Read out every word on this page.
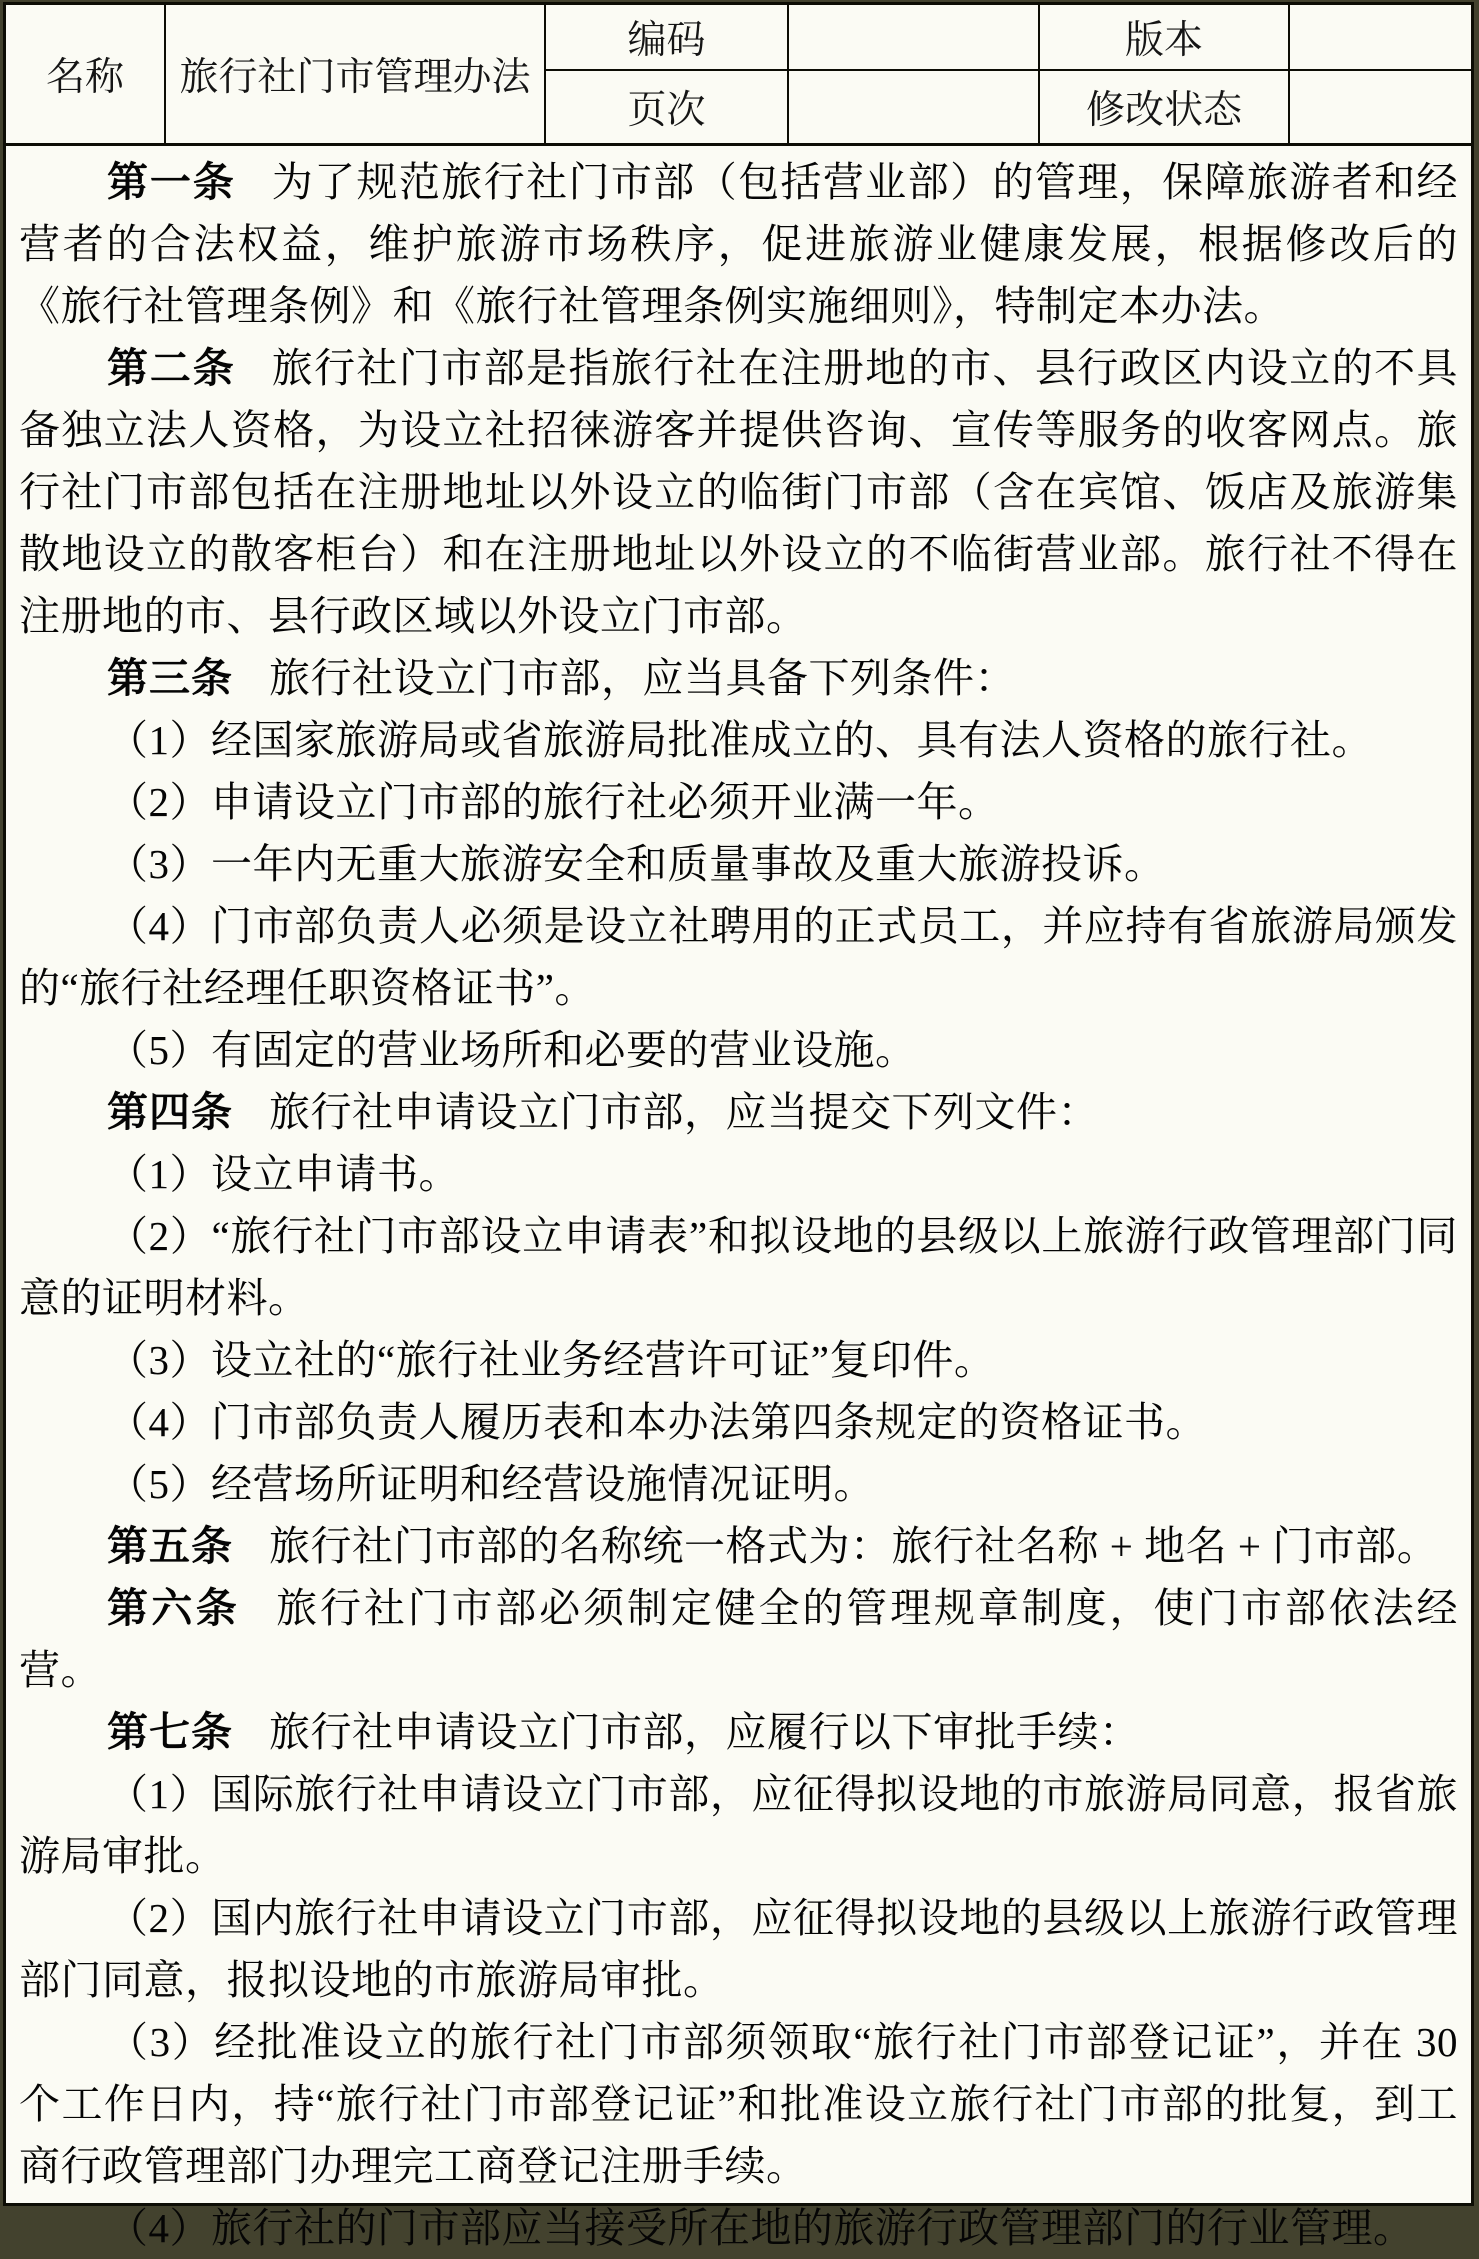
名称 旅行社门市管理办法
编码	版本
页次	修改状态

第一条 为了规范旅行社门市部（包括营业部）的管理，保障旅游者和经营者的合法权益，维护旅游市场秩序，促进旅游业健康发展，根据修改后的《旅行社管理条例》和《旅行社管理条例实施细则》，特制定本办法。

第二条 旅行社门市部是指旅行社在注册地的市、县行政区内设立的不具备独立法人资格，为设立社招徕游客并提供咨询、宣传等服务的收客网点。旅行社门市部包括在注册地址以外设立的临街门市部（含在宾馆、饭店及旅游集散地设立的散客柜台）和在注册地址以外设立的不临街营业部。旅行社不得在注册地的市、县行政区域以外设立门市部。

第三条 旅行社设立门市部，应当具备下列条件：

（1）经国家旅游局或省旅游局批准成立的、具有法人资格的旅行社。

（2）申请设立门市部的旅行社必须开业满一年。

（3）一年内无重大旅游安全和质量事故及重大旅游投诉。

（4）门市部负责人必须是设立社聘用的正式员工，并应持有省旅游局颁发的“旅行社经理任职资格证书”。

（5）有固定的营业场所和必要的营业设施。

第四条 旅行社申请设立门市部，应当提交下列文件：

（1）设立申请书。

（2）“旅行社门市部设立申请表”和拟设地的县级以上旅游行政管理部门同意的证明材料。

（3）设立社的“旅行社业务经营许可证”复印件。

（4）门市部负责人履历表和本办法第四条规定的资格证书。

（5）经营场所证明和经营设施情况证明。

第五条 旅行社门市部的名称统一格式为：旅行社名称 + 地名 + 门市部。

第六条 旅行社门市部必须制定健全的管理规章制度，使门市部依法经营。

第七条 旅行社申请设立门市部，应履行以下审批手续：

（1）国际旅行社申请设立门市部，应征得拟设地的市旅游局同意，报省旅游局审批。

（2）国内旅行社申请设立门市部，应征得拟设地的县级以上旅游行政管理部门同意，报拟设地的市旅游局审批。

（3）经批准设立的旅行社门市部须领取“旅行社门市部登记证”，并在 30 个工作日内，持“旅行社门市部登记证”和批准设立旅行社门市部的批复，到工商行政管理部门办理完工商登记注册手续。

（4）旅行社的门市部应当接受所在地的旅游行政管理部门的行业管理。
